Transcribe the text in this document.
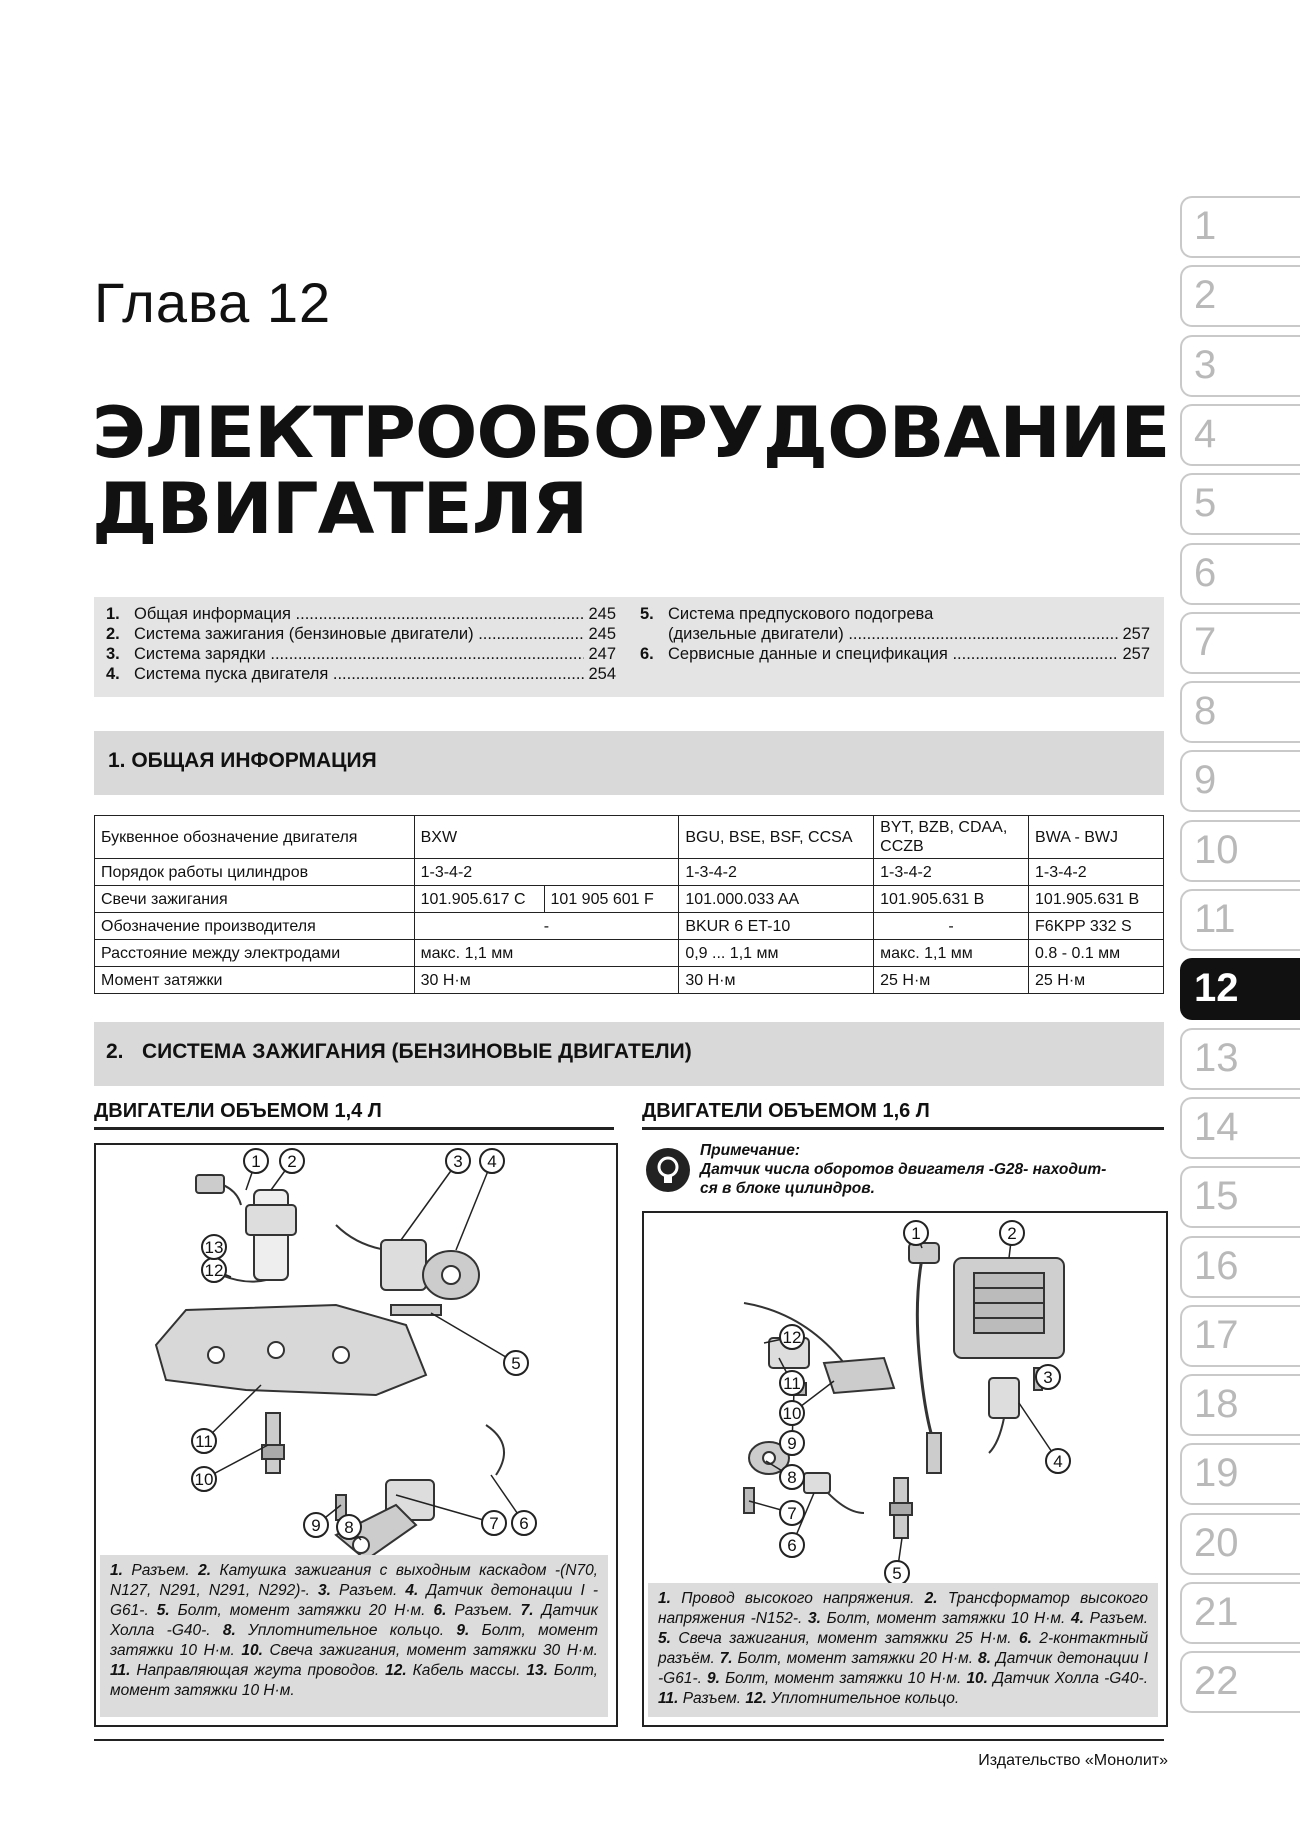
Глава 12
ЭЛЕКТРООБОРУДОВАНИЕ
ДВИГАТЕЛЯ
1
2
3
4
5
6
7
8
9
10
11
12
13
14
15
16
17
18
19
20
21
22
1. Общая информация .....	245
2. Система зажигания (бензиновые двигатели) .....	245
3. Система зарядки .....	247
4. Система пуска двигателя .....	254
5. Система предпускового подогрева
(дизельные двигатели) .....	257
6. Сервисные данные и спецификация .....	257
1. ОБЩАЯ ИНФОРМАЦИЯ
Буквенное обозначение двигателя	BXW		BGU, BSE, BSF, CCSA	BYT, BZB, CDAA, CCZB	BWA - BWJ
Порядок работы цилиндров	1-3-4-2		1-3-4-2	1-3-4-2	1-3-4-2
Свечи зажигания	101.905.617 C	101 905 601 F	101.000.033 AA	101.905.631 B	101.905.631 B
Обозначение производителя	-		BKUR 6 ET-10	-	F6KPP 332 S
Расстояние между электродами	макс. 1,1 мм		0,9 ... 1,1 мм	макс. 1,1 мм	0.8 - 0.1 мм
Момент затяжки	30 Н·м		30 Н·м	25 Н·м	25 Н·м
2. СИСТЕМА ЗАЖИГАНИЯ (БЕНЗИНОВЫЕ ДВИГАТЕЛИ)
ДВИГАТЕЛИ ОБЪЕМОМ 1,4 Л	ДВИГАТЕЛИ ОБЪЕМОМ 1,6 Л
Примечание:
Датчик числа оборотов двигателя -G28- находит-
ся в блоке цилиндров.
1 2	3 4
5
6
7
8
9
10
11
12
13
1. Разъем. 2. Катушка зажигания с выходным каскадом -(N70, N127, N291, N291, N292)-. 3. Разъем. 4. Датчик детонации I -G61-. 5. Болт, момент затяжки 20 Н·м. 6. Разъем. 7. Датчик Холла -G40-. 8. Уплотнительное кольцо. 9. Болт, момент затяжки 10 Н·м. 10. Свеча зажигания, момент затяжки 30 Н·м. 11. Направляющая жгута проводов. 12. Кабель массы. 13. Болт, момент затяжки 10 Н·м.
1	2
3
4
5
6
7
8
9
10
11
12
1. Провод высокого напряжения. 2. Трансформатор высокого напряжения -N152-. 3. Болт, момент затяжки 10 Н·м. 4. Разъем. 5. Свеча зажигания, момент затяжки 25 Н·м. 6. 2-контактный разъём. 7. Болт, момент затяжки 20 Н·м. 8. Датчик детонации I -G61-. 9. Болт, момент затяжки 10 Н·м. 10. Датчик Холла -G40-. 11. Разъем. 12. Уплотнительное кольцо.
Издательство «Монолит»
